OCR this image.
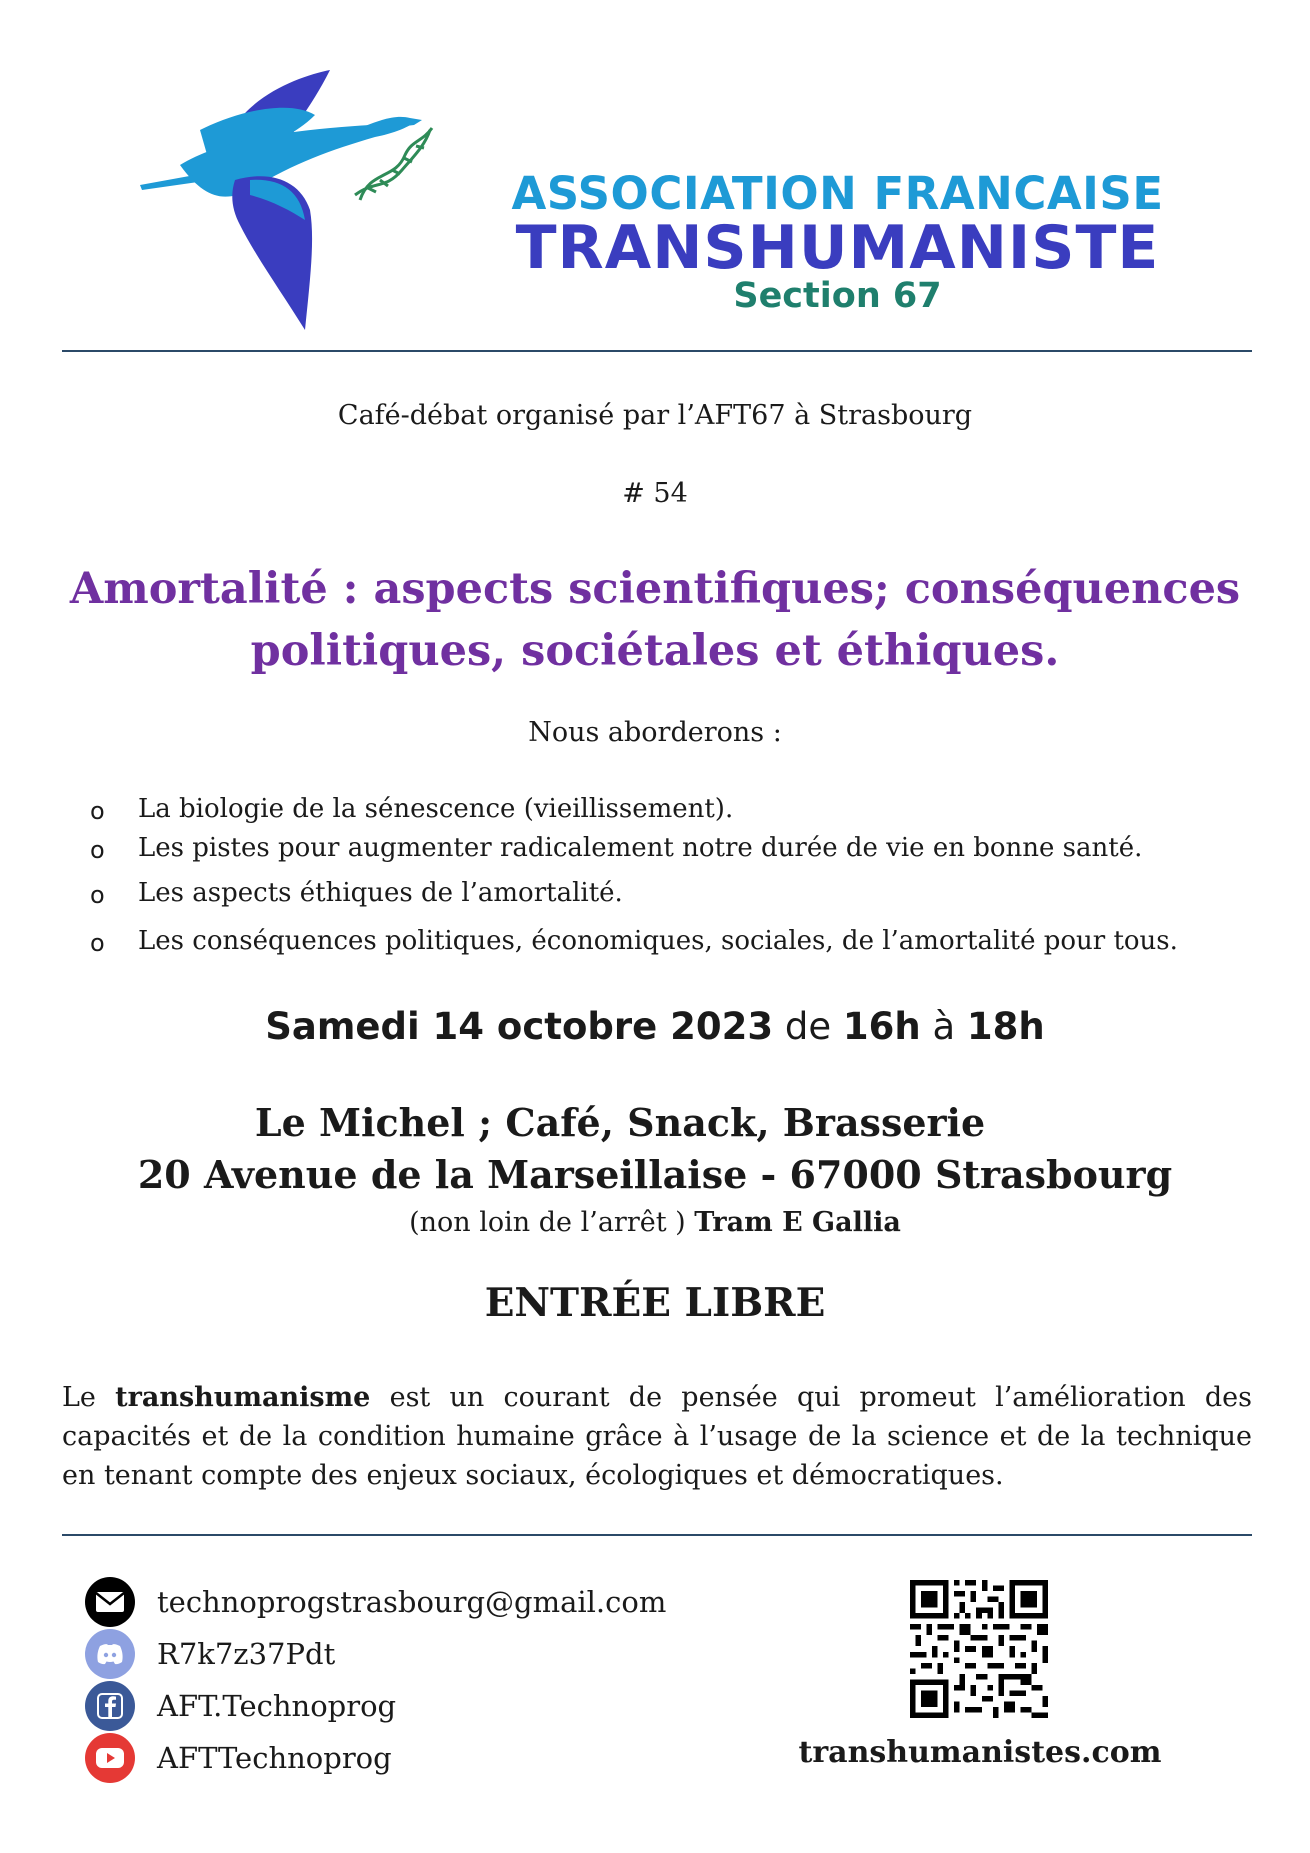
ASSOCIATION FRANCAISE
TRANSHUMANISTE
Section 67
Café-débat organisé par l’AFT67 à Strasbourg
# 54
Amortalité : aspects scientifiques; conséquences
politiques, sociétales et éthiques.
Nous aborderons :
o La biologie de la sénescence (vieillissement).
o Les pistes pour augmenter radicalement notre durée de vie en bonne santé.
o Les aspects éthiques de l’amortalité.
o Les conséquences politiques, économiques, sociales, de l’amortalité pour tous.
Samedi 14 octobre 2023 de 16h à 18h
Le Michel ; Café, Snack, Brasserie
20 Avenue de la Marseillaise - 67000 Strasbourg
(non loin de l’arrêt ) Tram E Gallia
ENTRÉE LIBRE
Le transhumanisme est un courant de pensée qui promeut l’amélioration des capacités et de la condition humaine grâce à l’usage de la science et de la technique en tenant compte des enjeux sociaux, écologiques et démocratiques.
technoprogstrasbourg@gmail.com
R7k7z37Pdt
AFT.Technoprog
AFTTechnoprog	transhumanistes.com
